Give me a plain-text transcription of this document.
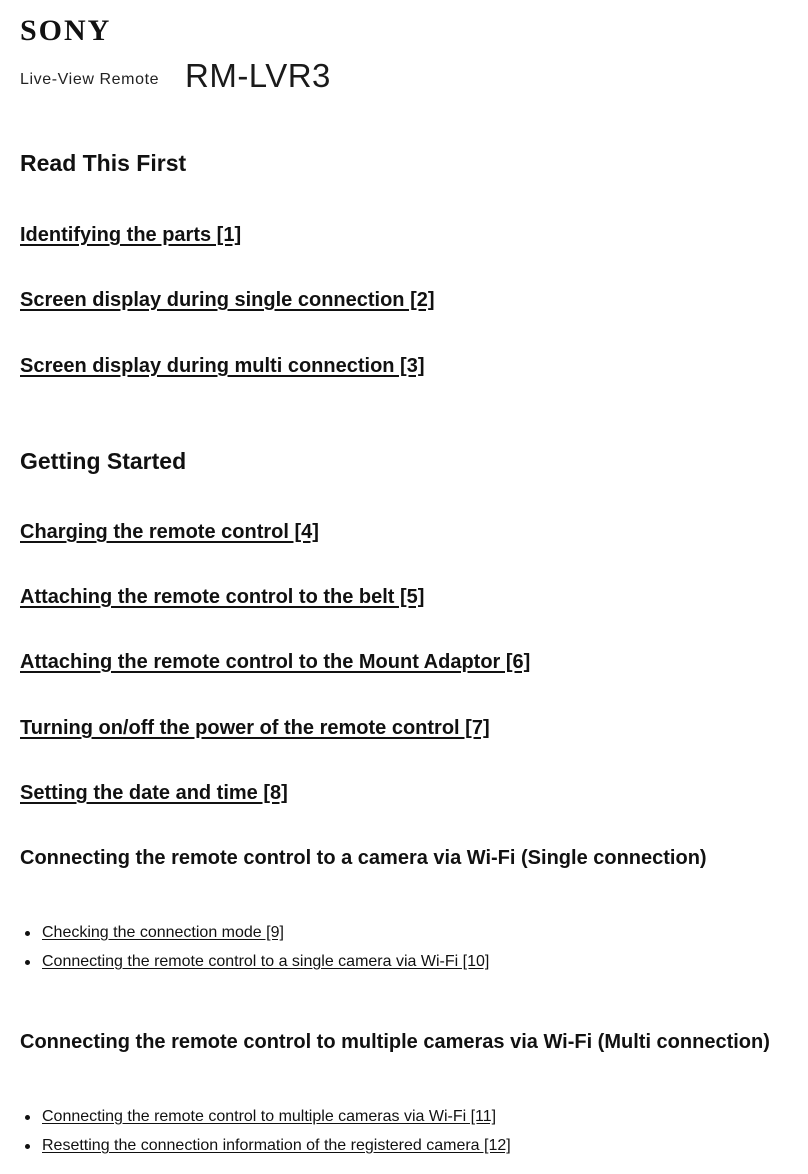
SONY
Live-View Remote RM-LVR3
Read This First
Identifying the parts [1]
Screen display during single connection [2]
Screen display during multi connection [3]
Getting Started
Charging the remote control [4]
Attaching the remote control to the belt [5]
Attaching the remote control to the Mount Adaptor [6]
Turning on/off the power of the remote control [7]
Setting the date and time [8]
Connecting the remote control to a camera via Wi-Fi (Single connection)
Checking the connection mode [9]
Connecting the remote control to a single camera via Wi-Fi [10]
Connecting the remote control to multiple cameras via Wi-Fi (Multi connection)
Connecting the remote control to multiple cameras via Wi-Fi [11]
Resetting the connection information of the registered camera [12]
